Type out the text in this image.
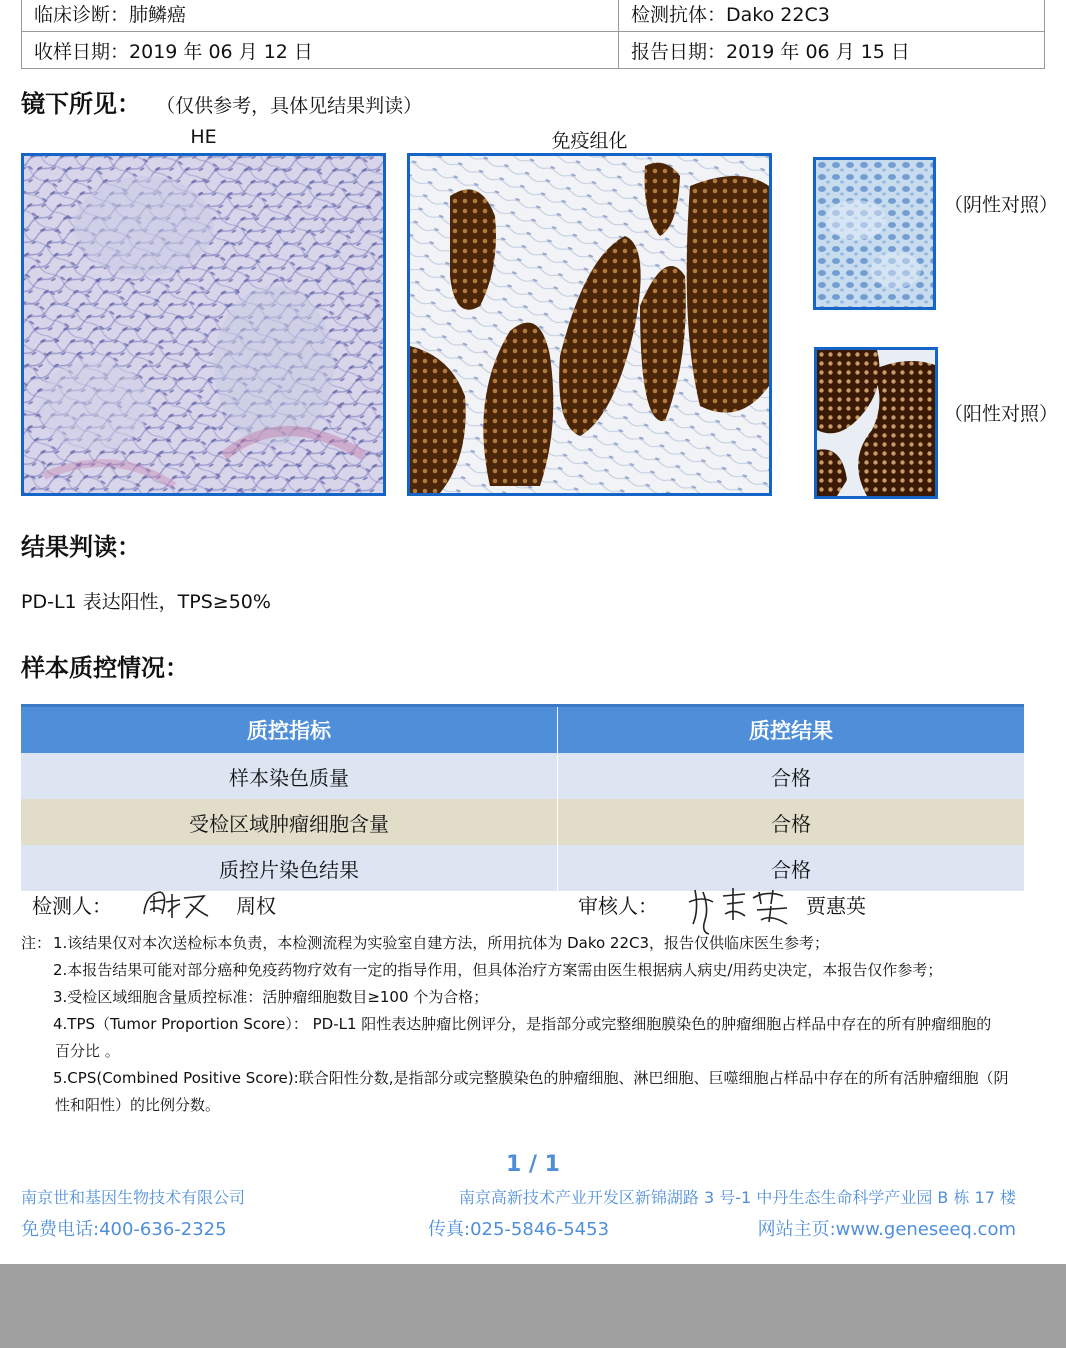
临床诊断：肺鳞癌	检测抗体：Dako 22C3
收样日期：2019 年 06 月 12 日	报告日期：2019 年 06 月 15 日
镜下所见： （仅供参考，具体见结果判读）
HE	免疫组化
（阴性对照）
（阳性对照）
结果判读：
PD-L1 表达阳性，TPS≥50%
样本质控情况：
质控指标	质控结果
样本染色质量	合格
受检区域肿瘤细胞含量	合格
质控片染色结果	合格
检测人：	周权	审核人：	贾惠英
注： 1.该结果仅对本次送检标本负责，本检测流程为实验室自建方法，所用抗体为 Dako 22C3，报告仅供临床医生参考；
2.本报告结果可能对部分癌种免疫药物疗效有一定的指导作用，但具体治疗方案需由医生根据病人病史/用药史决定，本报告仅作参考；
3.受检区域细胞含量质控标准：活肿瘤细胞数目≥100 个为合格；
4.TPS（Tumor Proportion Score）： PD-L1 阳性表达肿瘤比例评分，是指部分或完整细胞膜染色的肿瘤细胞占样品中存在的所有肿瘤细胞的
百分比 。
5.CPS(Combined Positive Score):联合阳性分数,是指部分或完整膜染色的肿瘤细胞、淋巴细胞、巨噬细胞占样品中存在的所有活肿瘤细胞（阴
性和阳性）的比例分数。
1 / 1
南京世和基因生物技术有限公司	南京高新技术产业开发区新锦湖路 3 号-1 中丹生态生命科学产业园 B 栋 17 楼
免费电话:400-636-2325	传真:025-5846-5453	网站主页:www.geneseeq.com
